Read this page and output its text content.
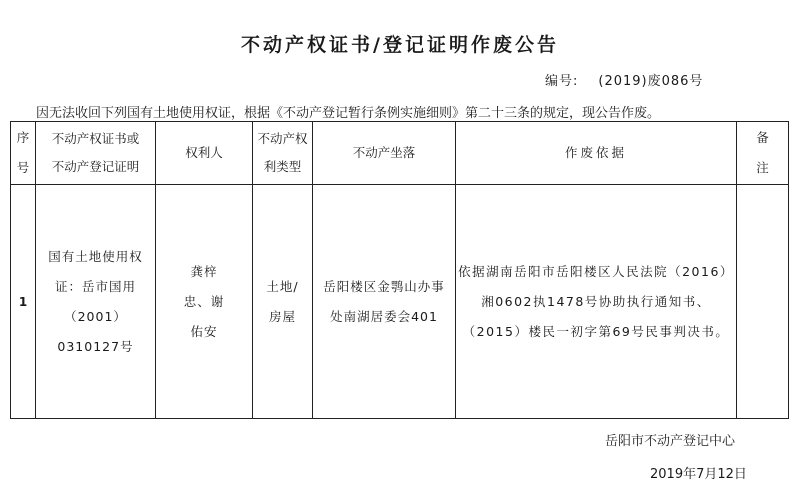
不动产权证书/登记证明作废公告
编号: (2019)废086号
因无法收回下列国有土地使用权证，根据《不动产登记暂行条例实施细则》第二十三条的规定，现公告作废。
序号	不动产权证书或不动产登记证明	权利人	不动产权利类型	不动产坐落	作废依据	备注
1	国有土地使用权证：岳市国用（2001）0310127号	龚梓忠、谢佑安	土地/房屋	岳阳楼区金鹗山办事处南湖居委会401	依据湖南岳阳市岳阳楼区人民法院（2016）湘0602执1478号协助执行通知书、（2015）楼民一初字第69号民事判决书。	
岳阳市不动产登记中心
2019年7月12日
